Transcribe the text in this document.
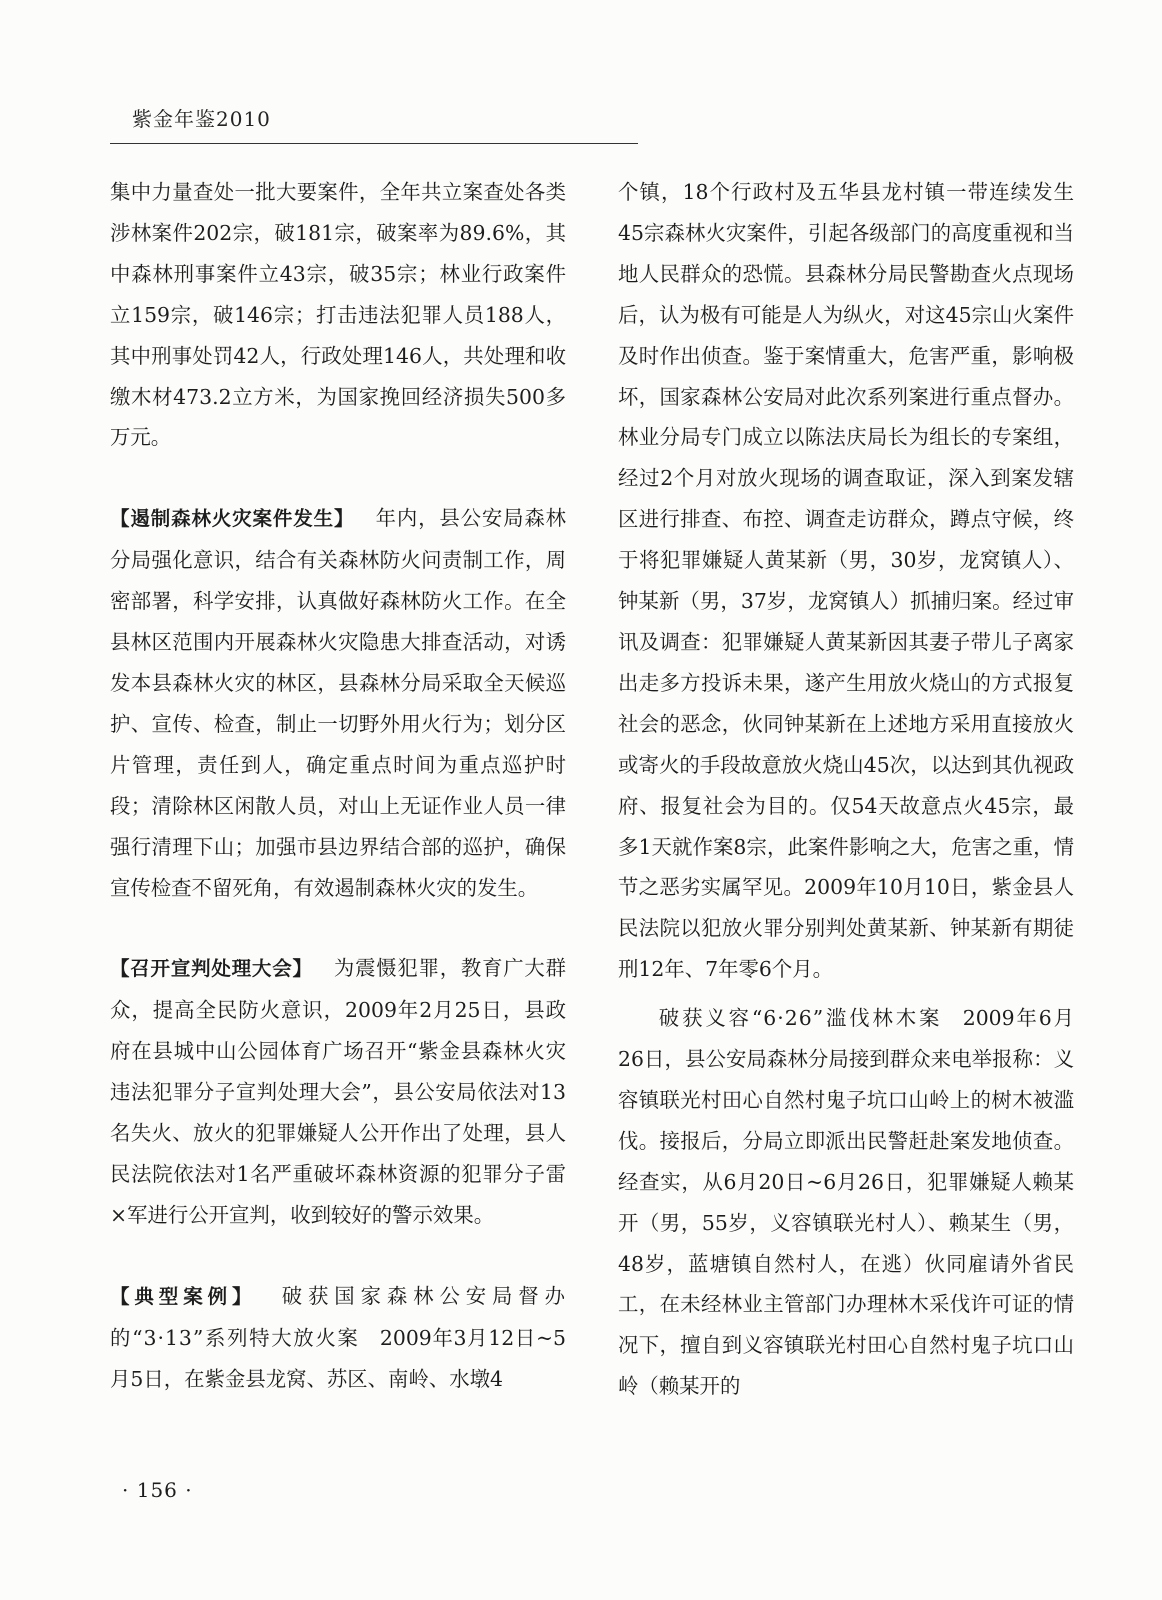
紫金年鉴2010

集中力量查处一批大要案件，全年共立案查处各类涉林案件202宗，破181宗，破案率为89.6%，其中森林刑事案件立43宗，破35宗；林业行政案件立159宗，破146宗；打击违法犯罪人员188人，其中刑事处罚42人，行政处理146人，共处理和收缴木材473.2立方米，为国家挽回经济损失500多万元。

【遏制森林火灾案件发生】  年内，县公安局森林分局强化意识，结合有关森林防火问责制工作，周密部署，科学安排，认真做好森林防火工作。在全县林区范围内开展森林火灾隐患大排查活动，对诱发本县森林火灾的林区，县森林分局采取全天候巡护、宣传、检查，制止一切野外用火行为；划分区片管理，责任到人，确定重点时间为重点巡护时段；清除林区闲散人员，对山上无证作业人员一律强行清理下山；加强市县边界结合部的巡护，确保宣传检查不留死角，有效遏制森林火灾的发生。

【召开宣判处理大会】  为震慑犯罪，教育广大群众，提高全民防火意识，2009年2月25日，县政府在县城中山公园体育广场召开“紫金县森林火灾违法犯罪分子宣判处理大会”，县公安局依法对13名失火、放火的犯罪嫌疑人公开作出了处理，县人民法院依法对1名严重破坏森林资源的犯罪分子雷×军进行公开宣判，收到较好的警示效果。

【典型案例】  破获国家森林公安局督办的“3·13”系列特大放火案  2009年3月12日~5月5日，在紫金县龙窝、苏区、南岭、水墩4

个镇，18个行政村及五华县龙村镇一带连续发生45宗森林火灾案件，引起各级部门的高度重视和当地人民群众的恐慌。县森林分局民警勘查火点现场后，认为极有可能是人为纵火，对这45宗山火案件及时作出侦查。鉴于案情重大，危害严重，影响极坏，国家森林公安局对此次系列案进行重点督办。林业分局专门成立以陈法庆局长为组长的专案组，经过2个月对放火现场的调查取证，深入到案发辖区进行排查、布控、调查走访群众，蹲点守候，终于将犯罪嫌疑人黄某新（男，30岁，龙窝镇人）、钟某新（男，37岁，龙窝镇人）抓捕归案。经过审讯及调查：犯罪嫌疑人黄某新因其妻子带儿子离家出走多方投诉未果，遂产生用放火烧山的方式报复社会的恶念，伙同钟某新在上述地方采用直接放火或寄火的手段故意放火烧山45次，以达到其仇视政府、报复社会为目的。仅54天故意点火45宗，最多1天就作案8宗，此案件影响之大，危害之重，情节之恶劣实属罕见。2009年10月10日，紫金县人民法院以犯放火罪分别判处黄某新、钟某新有期徒刑12年、7年零6个月。

破获义容“6·26”滥伐林木案  2009年6月26日，县公安局森林分局接到群众来电举报称：义容镇联光村田心自然村鬼子坑口山岭上的树木被滥伐。接报后，分局立即派出民警赶赴案发地侦查。经查实，从6月20日~6月26日，犯罪嫌疑人赖某开（男，55岁，义容镇联光村人）、赖某生（男，48岁，蓝塘镇自然村人，在逃）伙同雇请外省民工，在未经林业主管部门办理林木采伐许可证的情况下，擅自到义容镇联光村田心自然村鬼子坑口山岭（赖某开的

· 156 ·
